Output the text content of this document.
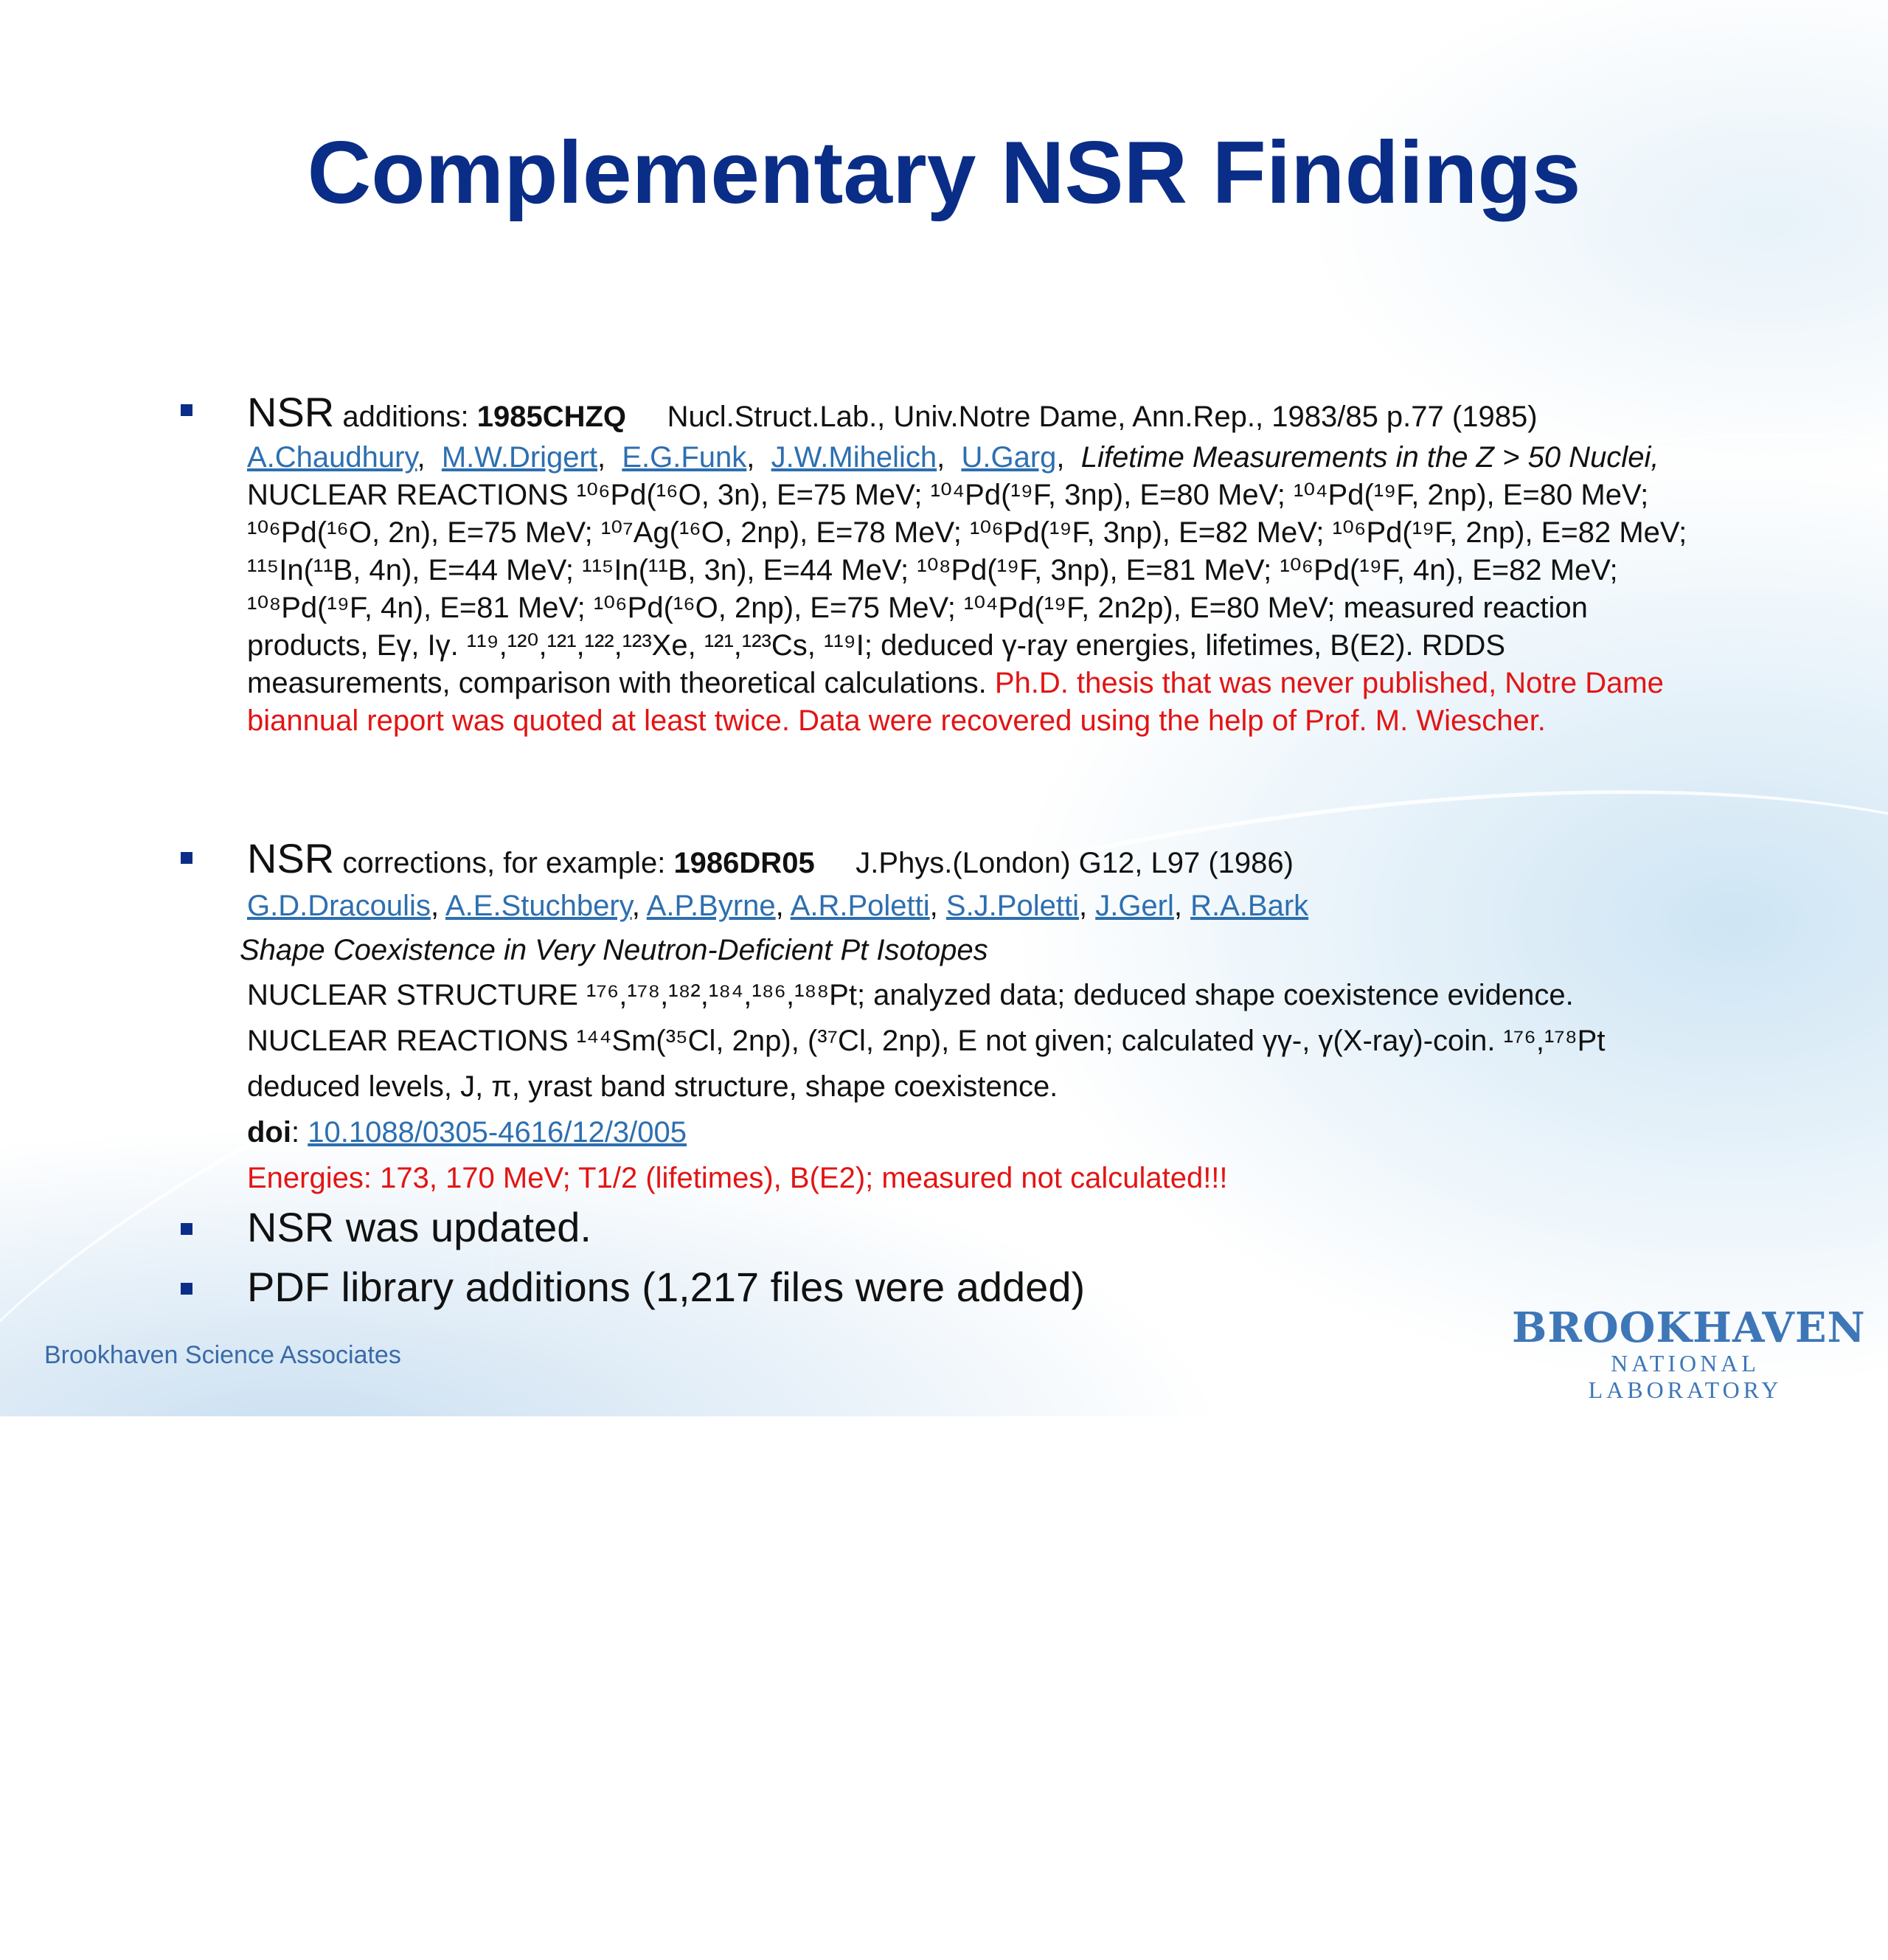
Complementary NSR Findings
NSR additions: 1985CHZQ Nucl.Struct.Lab., Univ.Notre Dame, Ann.Rep., 1983/85 p.77 (1985)
A.Chaudhury,  M.W.Drigert,  E.G.Funk,  J.W.Mihelich,  U.Garg,  Lifetime Measurements in the Z > 50 Nuclei, NUCLEAR REACTIONS ¹⁰⁶Pd(¹⁶O, 3n), E=75 MeV; ¹⁰⁴Pd(¹⁹F, 3np), E=80 MeV; ¹⁰⁴Pd(¹⁹F, 2np), E=80 MeV; ¹⁰⁶Pd(¹⁶O, 2n), E=75 MeV; ¹⁰⁷Ag(¹⁶O, 2np), E=78 MeV; ¹⁰⁶Pd(¹⁹F, 3np), E=82 MeV; ¹⁰⁶Pd(¹⁹F, 2np), E=82 MeV; ¹¹⁵In(¹¹B, 4n), E=44 MeV; ¹¹⁵In(¹¹B, 3n), E=44 MeV; ¹⁰⁸Pd(¹⁹F, 3np), E=81 MeV; ¹⁰⁶Pd(¹⁹F, 4n), E=82 MeV; ¹⁰⁸Pd(¹⁹F, 4n), E=81 MeV; ¹⁰⁶Pd(¹⁶O, 2np), E=75 MeV; ¹⁰⁴Pd(¹⁹F, 2n2p), E=80 MeV; measured reaction products, Eγ, Iγ. ¹¹⁹,¹²⁰,¹²¹,¹²²,¹²³Xe, ¹²¹,¹²³Cs, ¹¹⁹I; deduced γ-ray energies, lifetimes, B(E2). RDDS measurements, comparison with theoretical calculations. Ph.D. thesis that was never published, Notre Dame biannual report was quoted at least twice. Data were recovered using the help of Prof. M. Wiescher.
NSR corrections, for example: 1986DR05 J.Phys.(London) G12, L97 (1986)
G.D.Dracoulis, A.E.Stuchbery, A.P.Byrne, A.R.Poletti, S.J.Poletti, J.Gerl, R.A.Bark
Shape Coexistence in Very Neutron-Deficient Pt Isotopes
NUCLEAR STRUCTURE ¹⁷⁶,¹⁷⁸,¹⁸²,¹⁸⁴,¹⁸⁶,¹⁸⁸Pt; analyzed data; deduced shape coexistence evidence.
NUCLEAR REACTIONS ¹⁴⁴Sm(³⁵Cl, 2np), (³⁷Cl, 2np), E not given; calculated γγ-, γ(X-ray)-coin. ¹⁷⁶,¹⁷⁸Pt deduced levels, J, π, yrast band structure, shape coexistence.
doi: 10.1088/0305-4616/12/3/005
Energies: 173, 170 MeV; T1/2 (lifetimes), B(E2); measured not calculated!!!
NSR was updated.
PDF library additions (1,217 files were added)
Brookhaven Science Associates
BROOKHAVEN
NATIONAL LABORATORY
